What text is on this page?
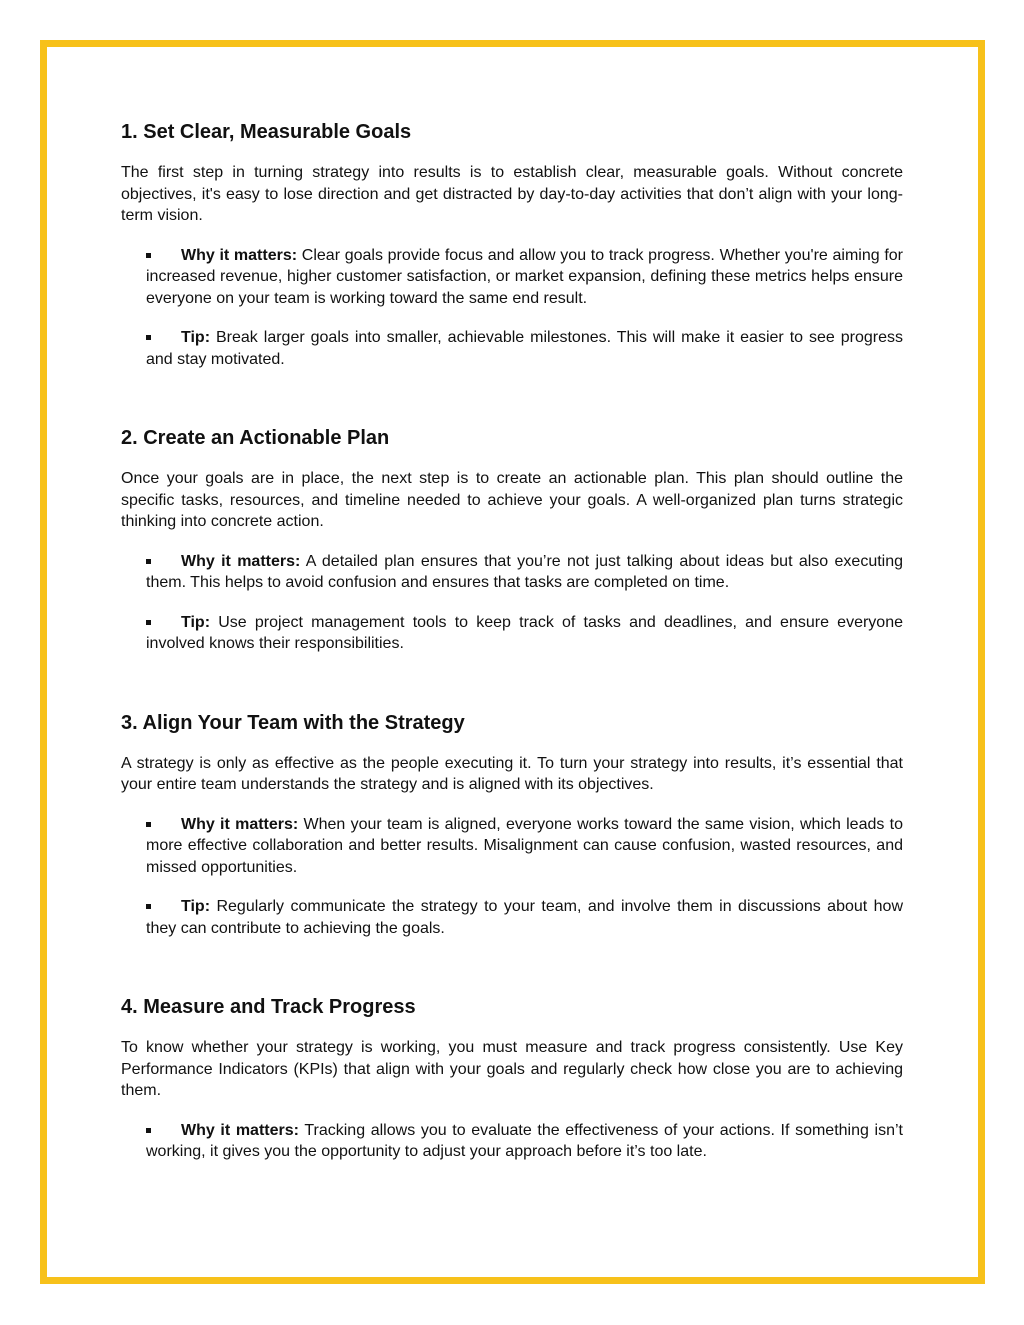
1. Set Clear, Measurable Goals

The first step in turning strategy into results is to establish clear, measurable goals. Without concrete objectives, it's easy to lose direction and get distracted by day-to-day activities that don’t align with your long-term vision.

Why it matters: Clear goals provide focus and allow you to track progress. Whether you're aiming for increased revenue, higher customer satisfaction, or market expansion, defining these metrics helps ensure everyone on your team is working toward the same end result.
Tip: Break larger goals into smaller, achievable milestones. This will make it easier to see progress and stay motivated.
2. Create an Actionable Plan

Once your goals are in place, the next step is to create an actionable plan. This plan should outline the specific tasks, resources, and timeline needed to achieve your goals. A well-organized plan turns strategic thinking into concrete action.

Why it matters: A detailed plan ensures that you’re not just talking about ideas but also executing them. This helps to avoid confusion and ensures that tasks are completed on time.
Tip: Use project management tools to keep track of tasks and deadlines, and ensure everyone involved knows their responsibilities.
3. Align Your Team with the Strategy

A strategy is only as effective as the people executing it. To turn your strategy into results, it’s essential that your entire team understands the strategy and is aligned with its objectives.

Why it matters: When your team is aligned, everyone works toward the same vision, which leads to more effective collaboration and better results. Misalignment can cause confusion, wasted resources, and missed opportunities.
Tip: Regularly communicate the strategy to your team, and involve them in discussions about how they can contribute to achieving the goals.
4. Measure and Track Progress

To know whether your strategy is working, you must measure and track progress consistently. Use Key Performance Indicators (KPIs) that align with your goals and regularly check how close you are to achieving them.

Why it matters: Tracking allows you to evaluate the effectiveness of your actions. If something isn’t working, it gives you the opportunity to adjust your approach before it’s too late.
